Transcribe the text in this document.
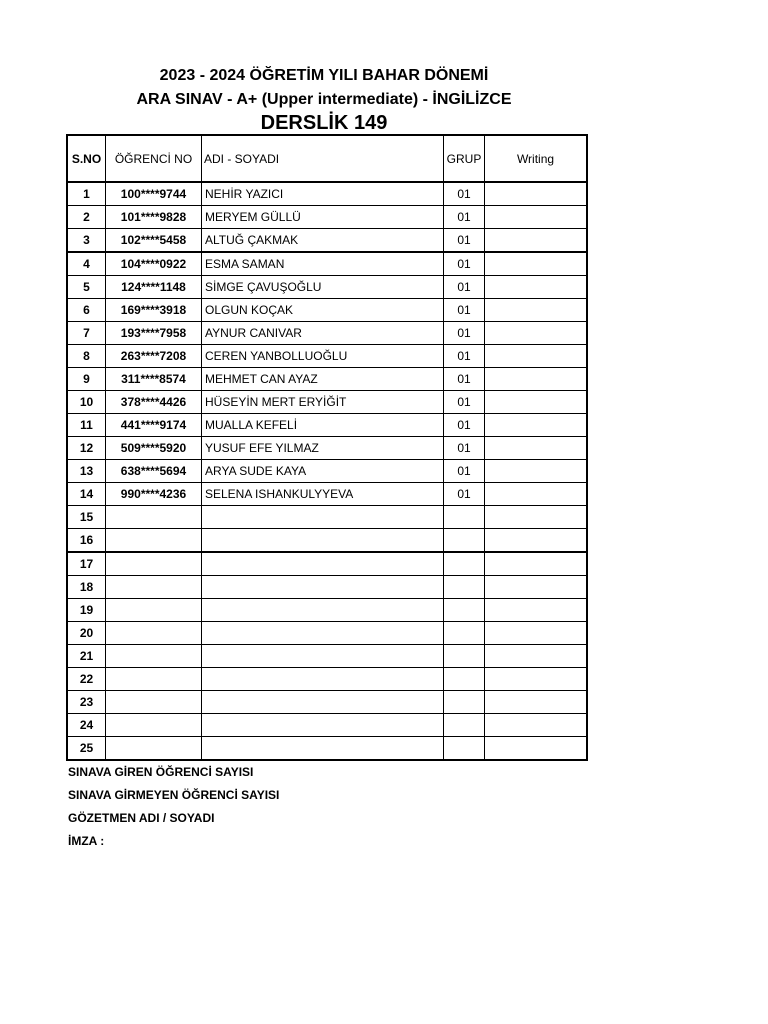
2023 - 2024 ÖĞRETİM YILI BAHAR DÖNEMİ
ARA SINAV - A+ (Upper intermediate) - İNGİLİZCE
DERSLİK 149
S.NO	ÖĞRENCİ NO	ADI - SOYADI	GRUP	Writing
1	100****9744	NEHİR YAZICI	01	
2	101****9828	MERYEM GÜLLÜ	01	
3	102****5458	ALTUĞ ÇAKMAK	01	
4	104****0922	ESMA SAMAN	01	
5	124****1148	SİMGE ÇAVUŞOĞLU	01	
6	169****3918	OLGUN KOÇAK	01	
7	193****7958	AYNUR CANIVAR	01	
8	263****7208	CEREN YANBOLLUOĞLU	01	
9	311****8574	MEHMET CAN AYAZ	01	
10	378****4426	HÜSEYİN MERT ERYİĞİT	01	
11	441****9174	MUALLA KEFELİ	01	
12	509****5920	YUSUF EFE YILMAZ	01	
13	638****5694	ARYA SUDE KAYA	01	
14	990****4236	SELENA ISHANKULYYEVA	01	
15				
16				
17				
18				
19				
20				
21				
22				
23				
24				
25				
SINAVA GİREN ÖĞRENCİ SAYISI
SINAVA GİRMEYEN ÖĞRENCİ SAYISI
GÖZETMEN ADI / SOYADI
İMZA :
